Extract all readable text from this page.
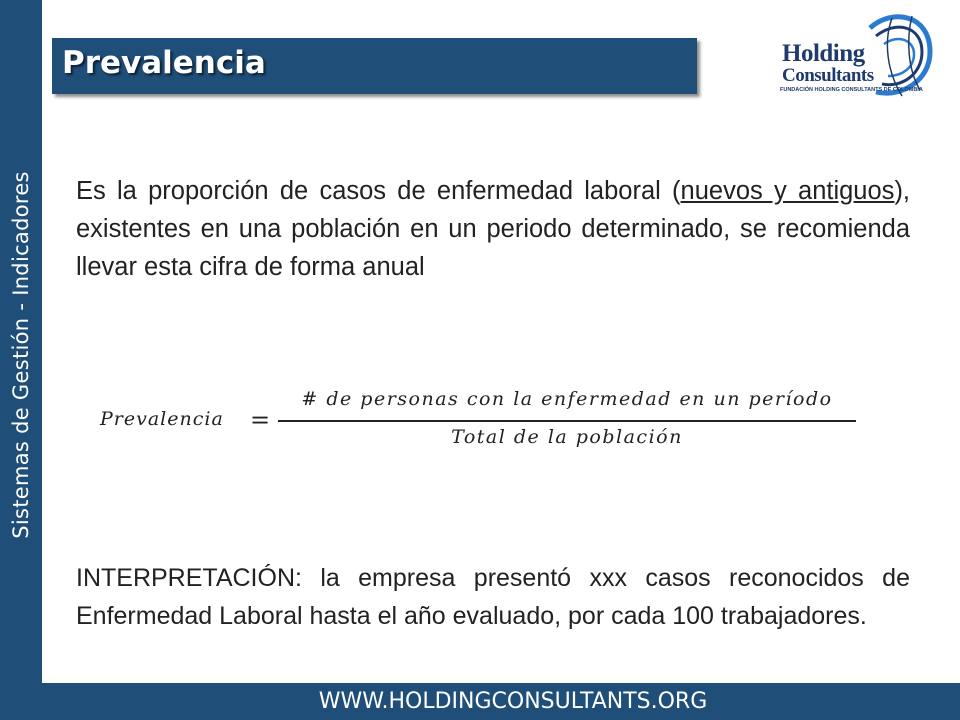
Sistemas de Gestión - Indicadores
Prevalencia	Holding
Consultants
FUNDACIÓN HOLDING CONSULTANTS DE COLOMBIA
Es la proporción de casos de enfermedad laboral (nuevos y antiguos), existentes en una población en un periodo determinado, se recomienda llevar esta cifra de forma anual
Prevalencia =
# de personas con la enfermedad en un período
Total de la población
INTERPRETACIÓN: la empresa presentó xxx casos reconocidos de Enfermedad Laboral hasta el año evaluado, por cada 100 trabajadores.
WWW.HOLDINGCONSULTANTS.ORG
